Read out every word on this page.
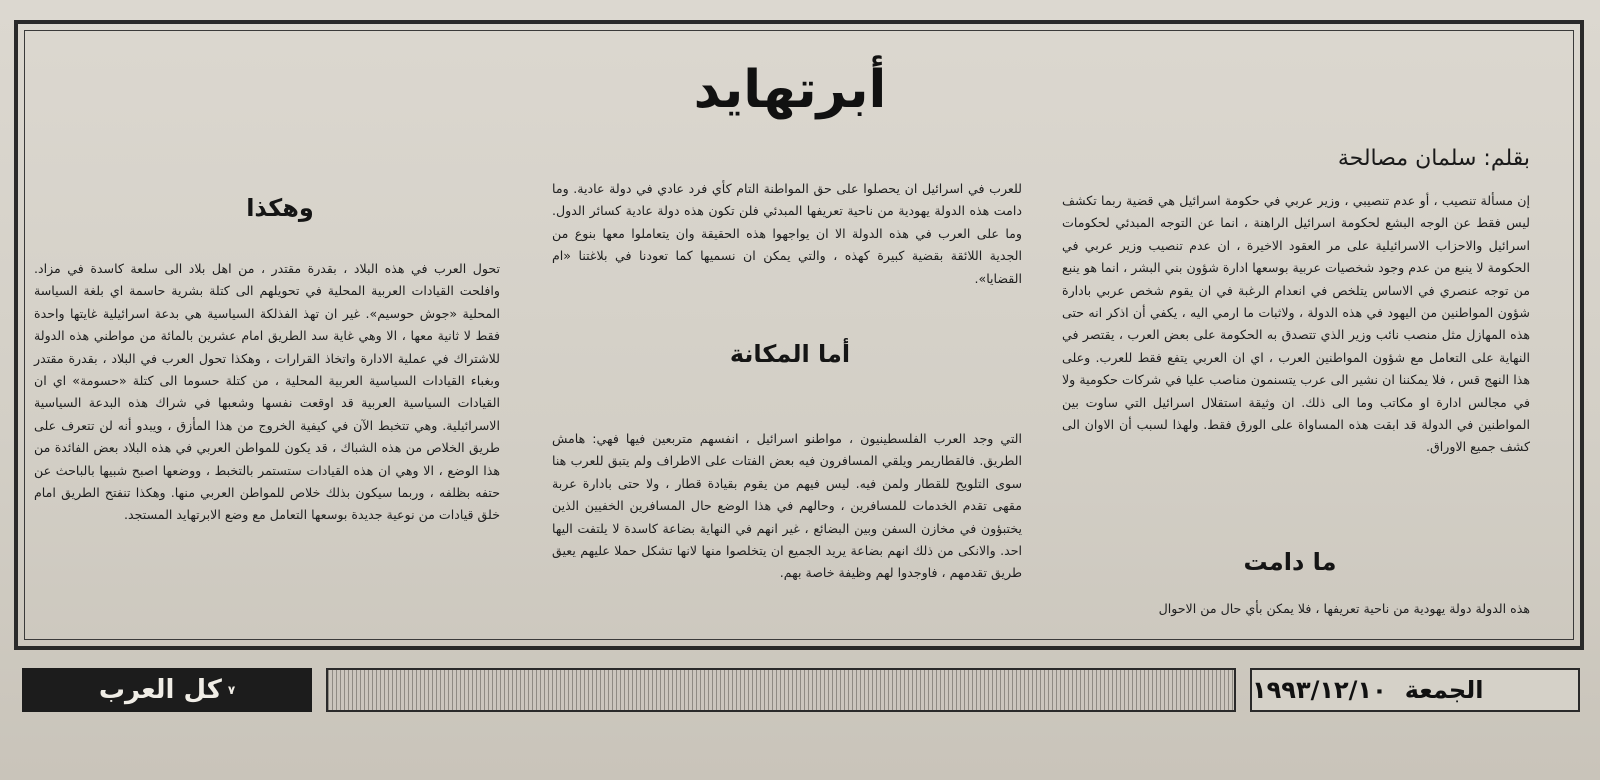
أبرتهايد
بقلم: سلمان مصالحة
إن مسألة تنصيب ، أو عدم تنصيبي ، وزير عربي في حكومة اسرائيل هي قضية ربما تكشف ليس فقط عن الوجه البشع لحكومة اسرائيل الراهنة ، انما عن التوجه المبدئي لحكومات اسرائيل والاحزاب الاسرائيلية على مر العقود الاخيرة ، ان عدم تنصيب وزير عربي في الحكومة لا ينبع من عدم وجود شخصيات عربية بوسعها ادارة شؤون بني البشر ، انما هو ينبع من توجه عنصري في الاساس يتلخص في انعدام الرغبة في ان يقوم شخص عربي بادارة شؤون المواطنين من اليهود في هذه الدولة ، ولاثبات ما ارمي اليه ، يكفي أن اذكر انه حتى هذه المهازل مثل منصب نائب وزير الذي تتصدق به الحكومة على بعض العرب ، يقتصر في النهاية على التعامل مع شؤون المواطنين العرب ، اي ان العربي يتفع فقط للعرب. وعلى هذا النهج قس ، فلا يمكننا ان نشير الى عرب يتسنمون مناصب عليا في شركات حكومية ولا في مجالس ادارة او مكاتب وما الى ذلك. ان وثيقة استقلال اسرائيل التي ساوت بين المواطنين في الدولة قد ابقت هذه المساواة على الورق فقط. ولهذا لسبب أن الاوان الى كشف جميع الاوراق.
ما دامت
هذه الدولة دولة يهودية من ناحية تعريفها ، فلا يمكن بأي حال من الاحوال
للعرب في اسرائيل ان يحصلوا على حق المواطنة التام كأي فرد عادي في دولة عادية. وما دامت هذه الدولة يهودية من ناحية تعريفها المبدئي فلن تكون هذه دولة عادية كسائر الدول. وما على العرب في هذه الدولة الا ان يواجهوا هذه الحقيقة وان يتعاملوا معها بنوع من الجدية اللائقة بقضية كبيرة كهذه ، والتي يمكن ان نسميها كما تعودنا في بلاغتنا «ام القضايا».
أما المكانة
التي وجد العرب الفلسطينيون ، مواطنو اسرائيل ، انفسهم متربعين فيها فهي: هامش الطريق. فالقطاريمر ويلقي المسافرون فيه بعض الفتات على الاطراف ولم يتبق للعرب هنا سوى التلويح للقطار ولمن فيه. ليس فيهم من يقوم بقيادة قطار ، ولا حتى بادارة عربة مقهى تقدم الخدمات للمسافرين ، وحالهم في هذا الوضع حال المسافرين الخفيين الذين يختبؤون في مخازن السفن وبين البضائع ، غير انهم في النهاية بضاعة كاسدة لا يلتفت اليها احد. والانكى من ذلك انهم بضاعة يريد الجميع ان يتخلصوا منها لانها تشكل حملا عليهم يعيق طريق تقدمهم ، فاوجدوا لهم وظيفة خاصة بهم.
وهكذا
تحول العرب في هذه البلاد ، بقدرة مقتدر ، من اهل بلاد الى سلعة كاسدة في مزاد. وافلحت القيادات العربية المحلية في تحويلهم الى كتلة بشرية حاسمة اي بلغة السياسة المحلية «جوش حوسيم». غير ان تهذ الفذلكة السياسية هي بدعة اسرائيلية غايتها واحدة فقط لا ثانية معها ، الا وهي غاية سد الطريق امام عشرين بالمائة من مواطني هذه الدولة للاشتراك في عملية الادارة واتخاذ القرارات ، وهكذا تحول العرب في البلاد ، بقدرة مقتدر وبغباء القيادات السياسية العربية المحلية ، من كتلة حسوما الى كتلة «حسومة» اي ان القيادات السياسية العربية قد اوقعت نفسها وشعبها في شراك هذه البدعة السياسية الاسرائيلية. وهي تتخبط الآن في كيفية الخروج من هذا المأزق ، ويبدو أنه لن تتعرف على طريق الخلاص من هذه الشباك ، قد يكون للمواطن العربي في هذه البلاد بعض الفائدة من هذا الوضع ، الا وهي ان هذه القيادات ستستمر بالتخبط ، ووضعها اصبح شبيها بالباحث عن حتفه بظلفه ، وربما سيكون بذلك خلاص للمواطن العربي منها. وهكذا تنفتح الطريق امام خلق قيادات من نوعية جديدة بوسعها التعامل مع وضع الابرتهايد المستجد.
كل العرب ٧	الجمعة
١٩٩٣/١٢/١٠
